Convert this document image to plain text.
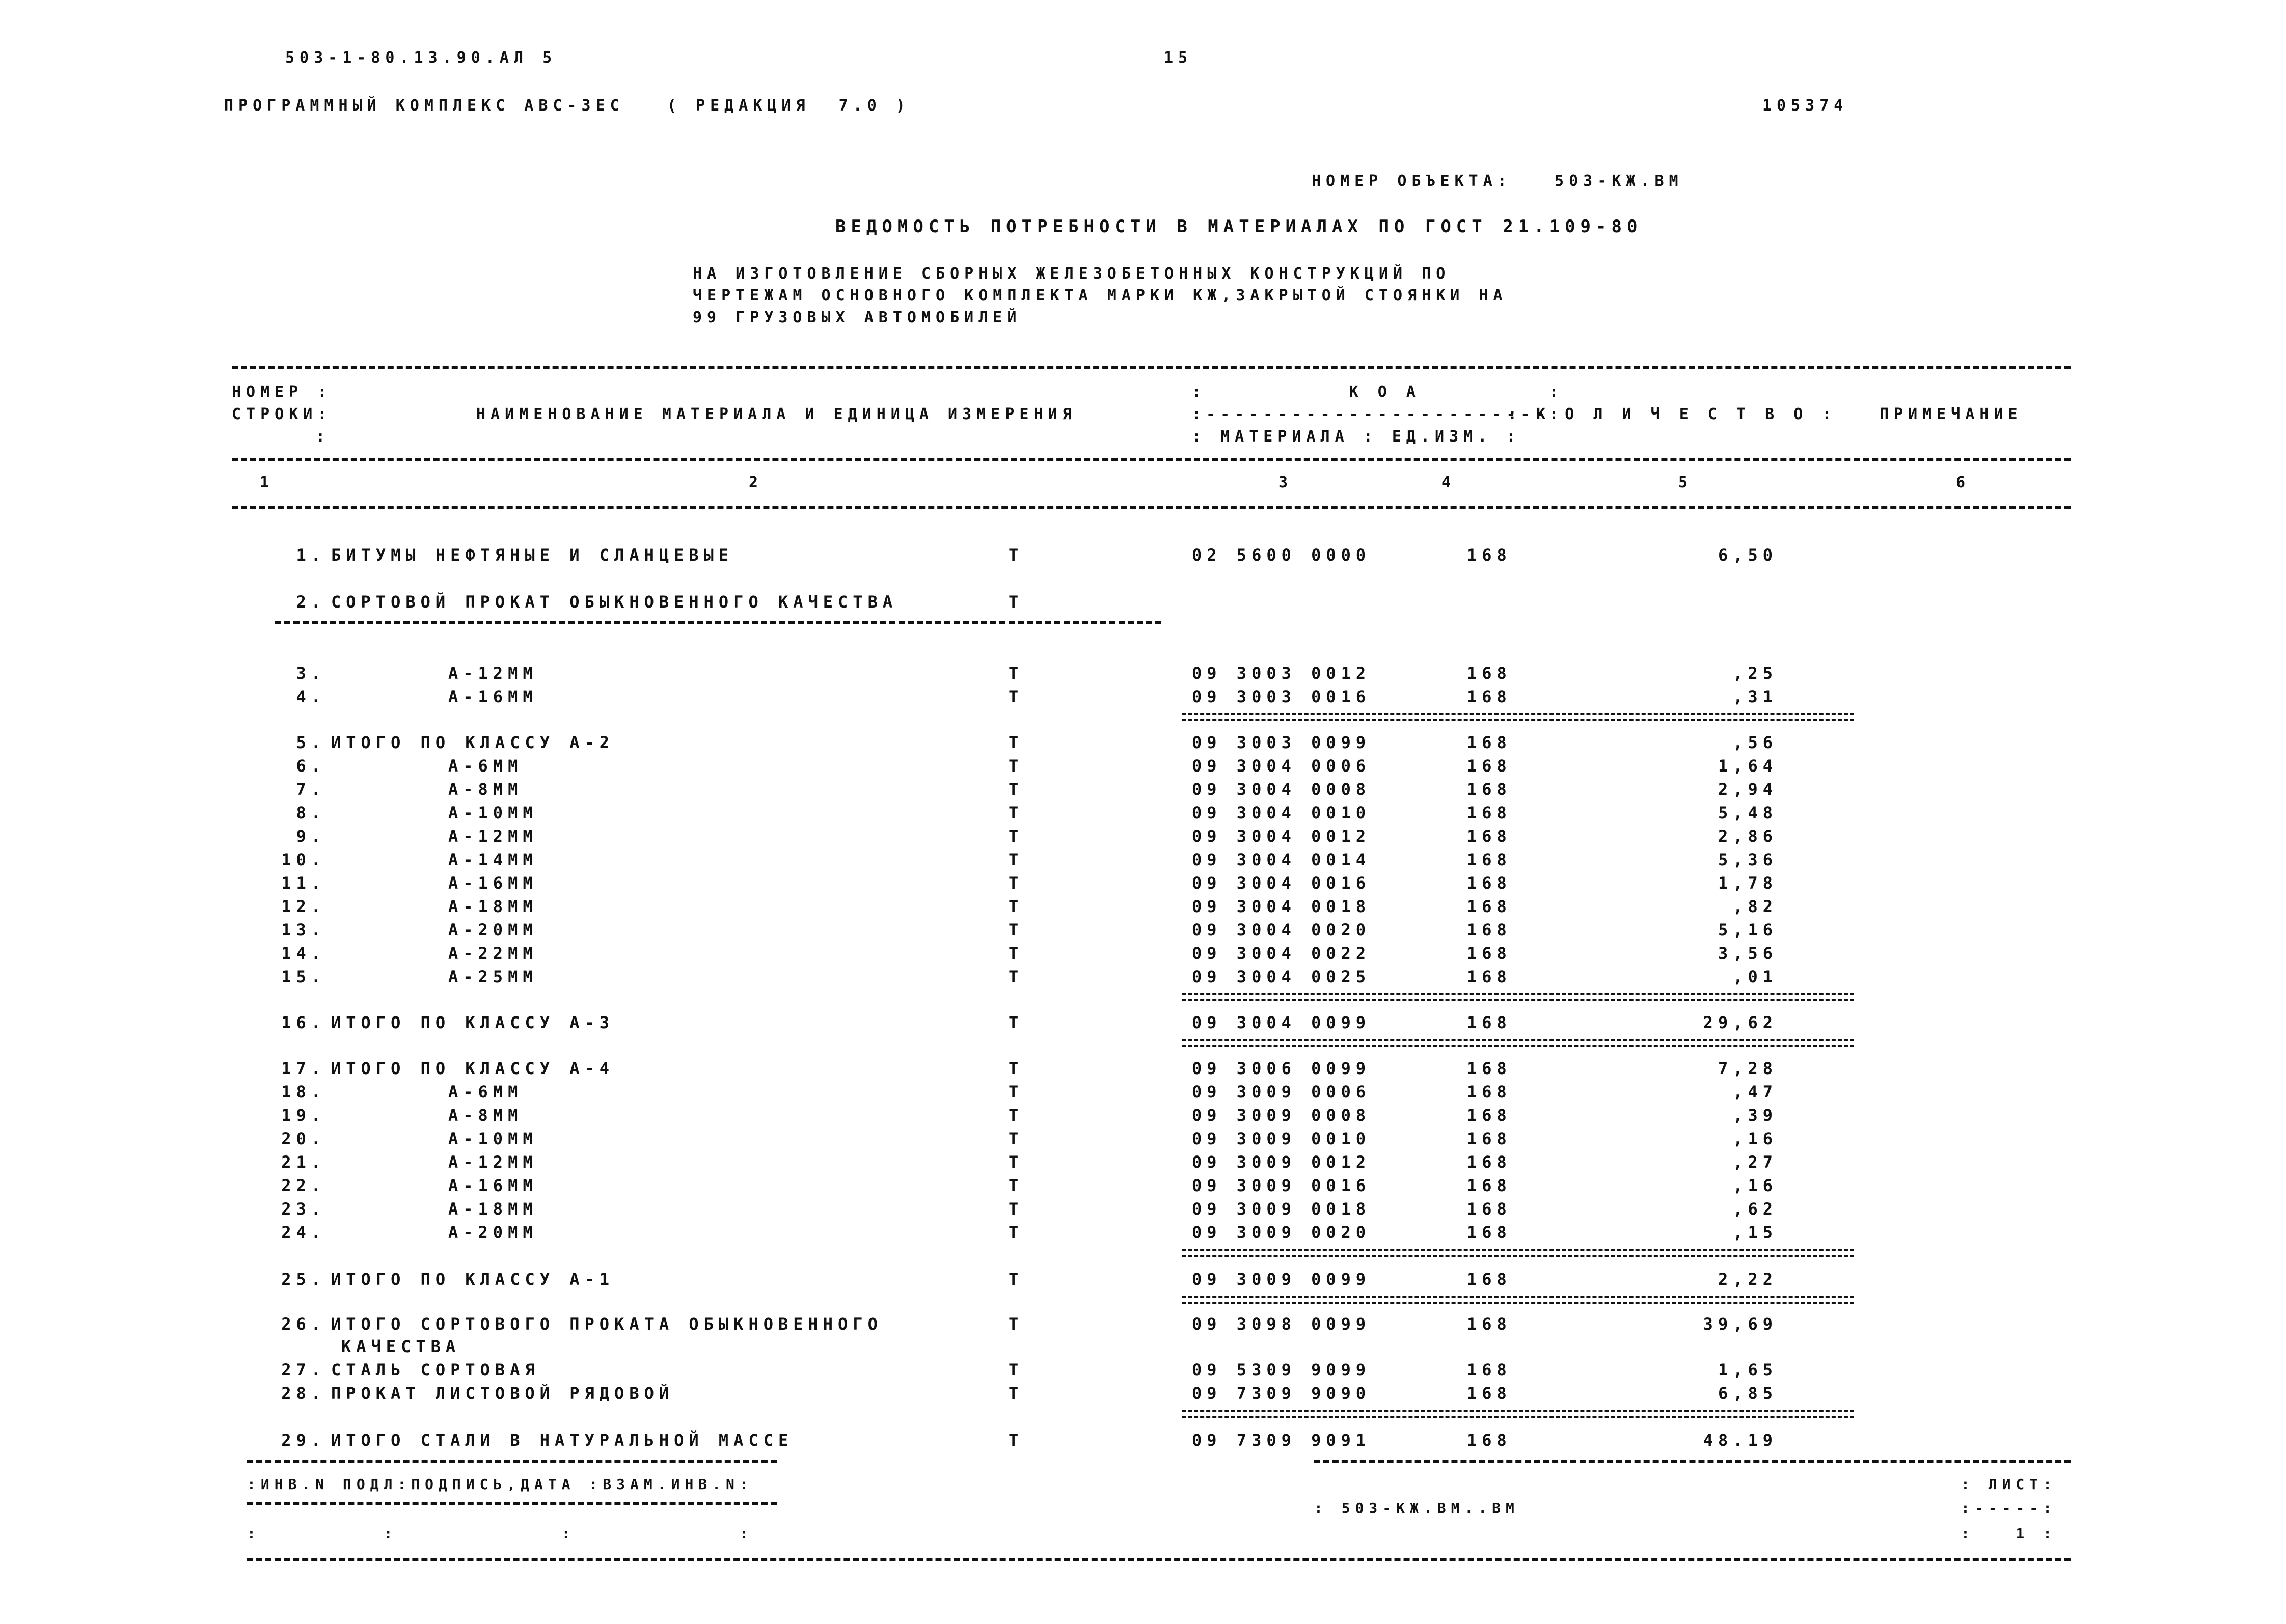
503-1-80.13.90.АЛ 5	15
ПРОГРАММНЫЙ КОМПЛЕКС АВС-3ЕС   ( РЕДАКЦИЯ  7.0 )	105374
НОМЕР ОБЪЕКТА:   503-КЖ.ВМ
ВЕДОМОСТЬ ПОТРЕБНОСТИ В МАТЕРИАЛАХ ПО ГОСТ 21.109-80
НА ИЗГОТОВЛЕНИЕ СБОРНЫХ ЖЕЛЕЗОБЕТОННЫХ КОНСТРУКЦИЙ ПО
ЧЕРТЕЖАМ ОСНОВНОГО КОМПЛЕКТА МАРКИ КЖ,ЗАКРЫТОЙ СТОЯНКИ НА
99 ГРУЗОВЫХ АВТОМОБИЛЕЙ
НОМЕР :
СТРОКИ:
:
НАИМЕНОВАНИЕ МАТЕРИАЛА И ЕДИНИЦА ИЗМЕРЕНИЯ
:          К О А         :
:------------------------:
: МАТЕРИАЛА : ЕД.ИЗМ. :
: К О Л И Ч Е С Т В О :	ПРИМЕЧАНИЕ
1	2	3	4	5	6
1. БИТУМЫ НЕФТЯНЫЕ И СЛАНЦЕВЫЕ	Т	02 5600 0000	168	6,50
2. СОРТОВОЙ ПРОКАТ ОБЫКНОВЕННОГО КАЧЕСТВА	Т
3.	А-12ММ	Т	09 3003 0012	168	,25
4.	А-16ММ	Т	09 3003 0016	168	,31
5. ИТОГО ПО КЛАССУ А-2	Т	09 3003 0099	168	,56
6.	А-6ММ	Т	09 3004 0006	168	1,64
7.	А-8ММ	Т	09 3004 0008	168	2,94
8.	А-10ММ	Т	09 3004 0010	168	5,48
9.	А-12ММ	Т	09 3004 0012	168	2,86
10.	А-14ММ	Т	09 3004 0014	168	5,36
11.	А-16ММ	Т	09 3004 0016	168	1,78
12.	А-18ММ	Т	09 3004 0018	168	,82
13.	А-20ММ	Т	09 3004 0020	168	5,16
14.	А-22ММ	Т	09 3004 0022	168	3,56
15.	А-25ММ	Т	09 3004 0025	168	,01
16. ИТОГО ПО КЛАССУ А-3	Т	09 3004 0099	168	29,62
17. ИТОГО ПО КЛАССУ А-4	Т	09 3006 0099	168	7,28
18.	А-6ММ	Т	09 3009 0006	168	,47
19.	А-8ММ	Т	09 3009 0008	168	,39
20.	А-10ММ	Т	09 3009 0010	168	,16
21.	А-12ММ	Т	09 3009 0012	168	,27
22.	А-16ММ	Т	09 3009 0016	168	,16
23.	А-18ММ	Т	09 3009 0018	168	,62
24.	А-20ММ	Т	09 3009 0020	168	,15
25. ИТОГО ПО КЛАССУ А-1	Т	09 3009 0099	168	2,22
26. ИТОГО СОРТОВОГО ПРОКАТА ОБЫКНОВЕННОГО	Т	09 3098 0099	168	39,69
КАЧЕСТВА
27. СТАЛЬ СОРТОВАЯ	Т	09 5309 9099	168	1,65
28. ПРОКАТ ЛИСТОВОЙ РЯДОВОЙ	Т	09 7309 9090	168	6,85
29. ИТОГО СТАЛИ В НАТУРАЛЬНОЙ МАССЕ	Т	09 7309 9091	168	48.19
:ИНВ.N ПОДЛ:ПОДПИСЬ,ДАТА :ВЗАМ.ИНВ.N:
:         :            :            :
: 503-КЖ.ВМ..ВМ
: ЛИСТ:
:-----:
:   1 :
